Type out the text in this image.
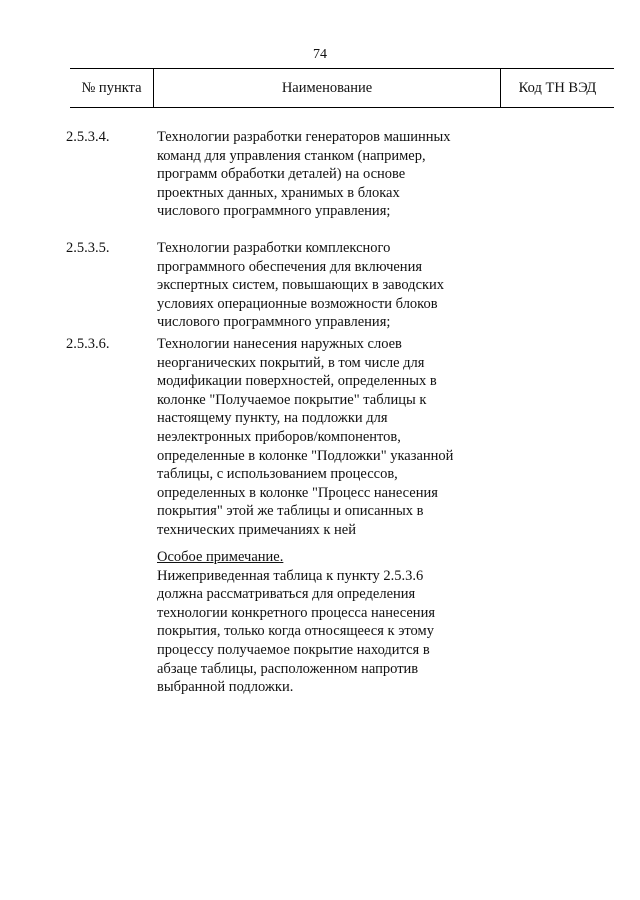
74
№ пункта	Наименование	Код ТН ВЭД
2.5.3.4.	Технологии разработки генераторов машинных
команд для управления станком (например,
программ обработки деталей) на основе
проектных данных, хранимых в блоках
числового программного управления;
2.5.3.5.	Технологии разработки комплексного
программного обеспечения для включения
экспертных систем, повышающих в заводских
условиях операционные возможности блоков
числового программного управления;
2.5.3.6.	Технологии нанесения наружных слоев
неорганических покрытий, в том числе для
модификации поверхностей, определенных в
колонке "Получаемое покрытие" таблицы к
настоящему пункту, на подложки для
неэлектронных приборов/компонентов,
определенные в колонке "Подложки" указанной
таблицы, с использованием процессов,
определенных в колонке "Процесс нанесения
покрытия" этой же таблицы и описанных в
технических примечаниях к ней
Особое примечание.
Нижеприведенная таблица к пункту 2.5.3.6
должна рассматриваться для определения
технологии конкретного процесса нанесения
покрытия, только когда относящееся к этому
процессу получаемое покрытие находится в
абзаце таблицы, расположенном напротив
выбранной подложки.
